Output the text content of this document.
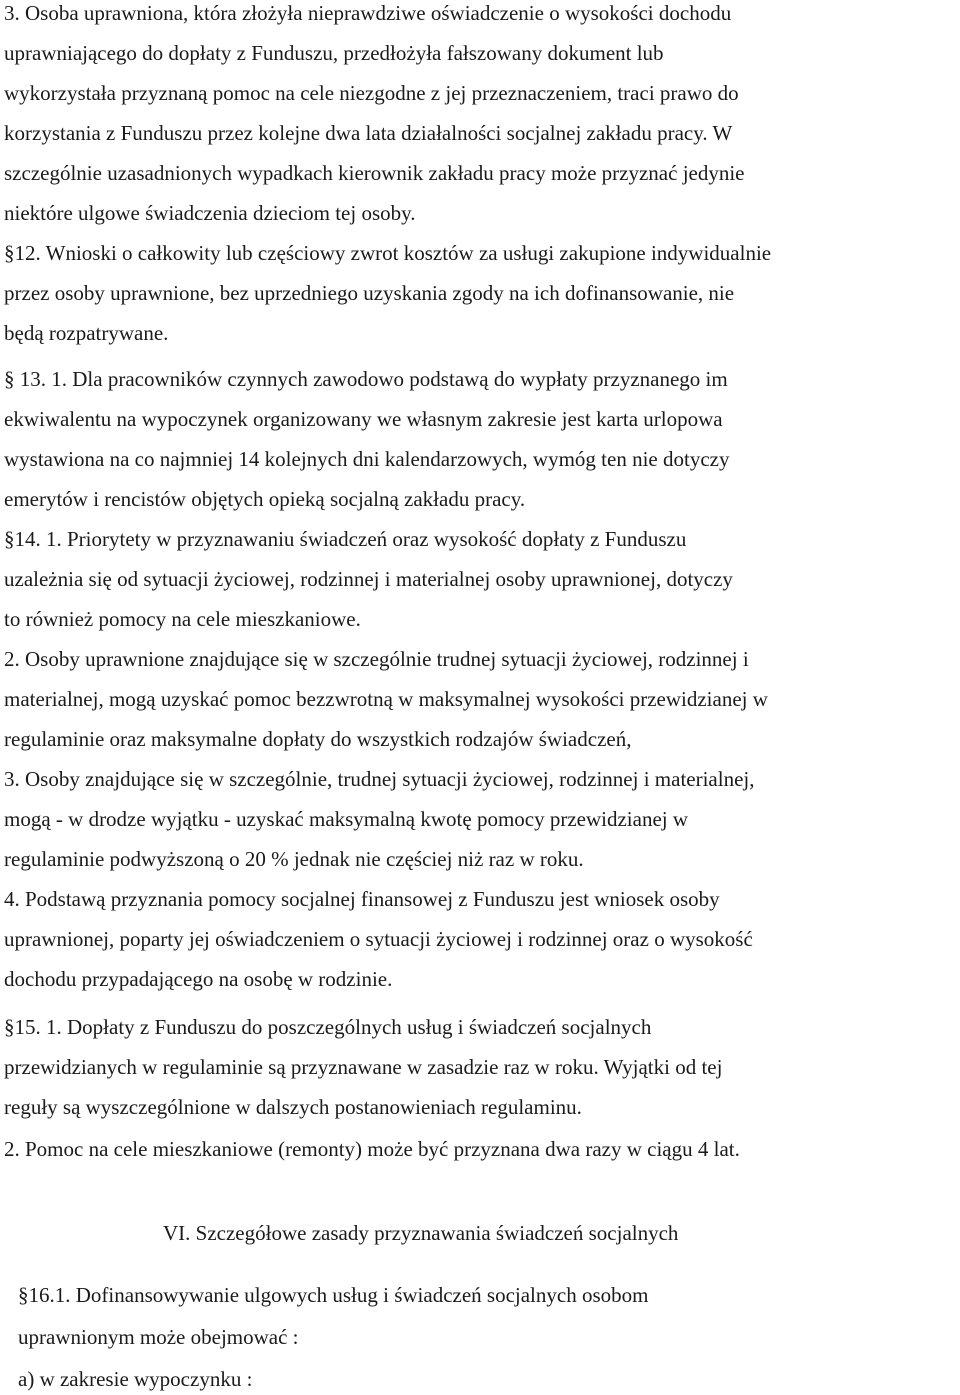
3. Osoba uprawniona, która złożyła nieprawdziwe oświadczenie o wysokości dochodu
uprawniającego do dopłaty z Funduszu, przedłożyła fałszowany dokument lub
wykorzystała przyznaną pomoc na cele niezgodne z jej przeznaczeniem, traci prawo do
korzystania z Funduszu przez kolejne dwa lata działalności socjalnej zakładu pracy. W
szczególnie uzasadnionych wypadkach kierownik zakładu pracy może przyznać jedynie
niektóre ulgowe świadczenia dzieciom tej osoby.
§12. Wnioski o całkowity lub częściowy zwrot kosztów za usługi zakupione indywidualnie
przez osoby uprawnione, bez uprzedniego uzyskania zgody na ich dofinansowanie, nie
będą rozpatrywane.
§ 13. 1. Dla pracowników czynnych zawodowo podstawą do wypłaty przyznanego im
ekwiwalentu na wypoczynek organizowany we własnym zakresie jest karta urlopowa
wystawiona na co najmniej 14 kolejnych dni kalendarzowych, wymóg ten nie dotyczy
emerytów i rencistów objętych opieką socjalną zakładu pracy.
§14. 1. Priorytety w przyznawaniu świadczeń oraz wysokość dopłaty z Funduszu
uzależnia się od sytuacji życiowej, rodzinnej i materialnej osoby uprawnionej, dotyczy
to również pomocy na cele mieszkaniowe.
2. Osoby uprawnione znajdujące się w szczególnie trudnej sytuacji życiowej, rodzinnej i
materialnej, mogą uzyskać pomoc bezzwrotną w maksymalnej wysokości przewidzianej w
regulaminie oraz maksymalne dopłaty do wszystkich rodzajów świadczeń,
3. Osoby znajdujące się w szczególnie, trudnej sytuacji życiowej, rodzinnej i materialnej,
mogą - w drodze wyjątku - uzyskać maksymalną kwotę pomocy przewidzianej w
regulaminie podwyższoną o 20 % jednak nie częściej niż raz w roku.
4. Podstawą przyznania pomocy socjalnej finansowej z Funduszu jest wniosek osoby
uprawnionej, poparty jej oświadczeniem o sytuacji życiowej i rodzinnej oraz o wysokość
dochodu przypadającego na osobę w rodzinie.
§15. 1. Dopłaty z Funduszu do poszczególnych usług i świadczeń socjalnych
przewidzianych w regulaminie są przyznawane w zasadzie raz w roku. Wyjątki od tej
reguły są wyszczególnione w dalszych postanowieniach regulaminu.
2. Pomoc na cele mieszkaniowe (remonty) może być przyznana dwa razy w ciągu 4 lat.
VI. Szczegółowe zasady przyznawania świadczeń socjalnych
§16.1. Dofinansowywanie ulgowych usług i świadczeń socjalnych osobom
uprawnionym może obejmować :
a) w zakresie wypoczynku :
